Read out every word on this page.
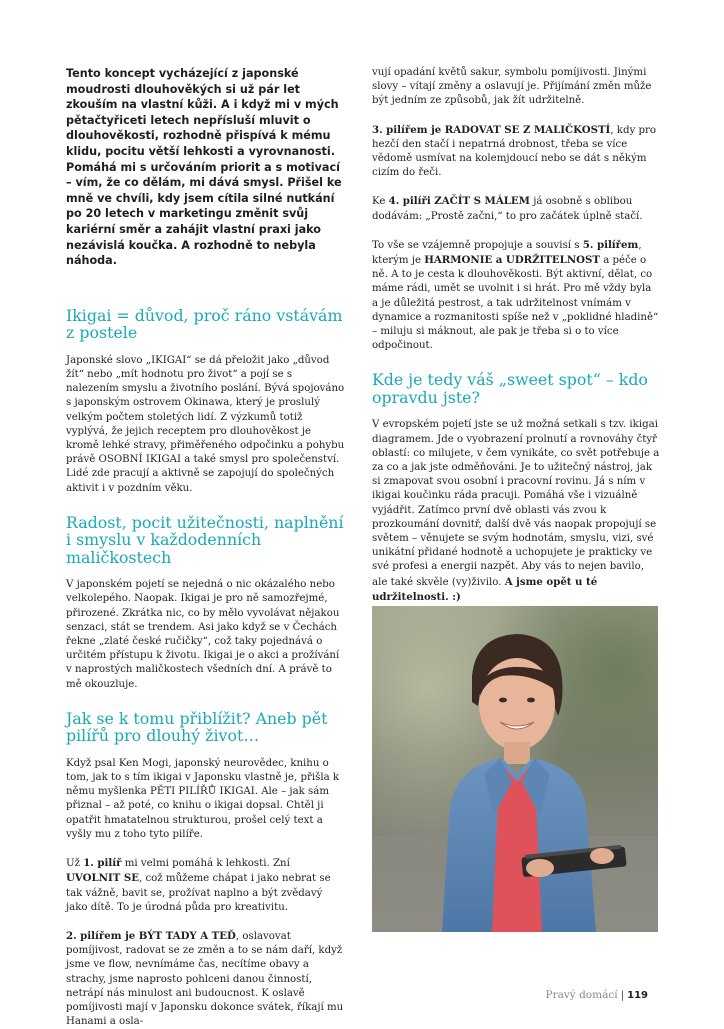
Tento koncept vycházející z japonské moudrosti dlouhověkých si už pár let zkouším na vlastní kůži. A i když mi v mých pětačtyřiceti letech nepřísluší mluvit o dlouhověkosti, rozhodně přispívá k mému klidu, pocitu větší lehkosti a vyrovnanosti. Pomáhá mi s určováním priorit a s motivací – vím, že co dělám, mi dává smysl. Přišel ke mně ve chvíli, kdy jsem cítila silné nutkání po 20 letech v marketingu změnit svůj kariérní směr a zahájit vlastní praxi jako nezávislá koučka. A rozhodně to nebyla náhoda.

Ikigai = důvod, proč ráno vstávám z postele

Japonské slovo „IKIGAI“ se dá přeložit jako „důvod žít“ nebo „mít hodnotu pro život“ a pojí se s nalezením smyslu a životního poslání. Bývá spojováno s japonským ostrovem Okinawa, který je proslulý velkým počtem stoletých lidí. Z výzkumů totiž vyplývá, že jejich receptem pro dlouhověkost je kromě lehké stravy, přiměřeného odpočinku a pohybu právě OSOBNÍ IKIGAI a také smysl pro společenství. Lidé zde pracují a aktivně se zapojují do společných aktivit i v pozdním věku.

Radost, pocit užitečnosti, naplnění i smyslu v každodenních maličkostech

V japonském pojetí se nejedná o nic okázalého nebo velkolepého. Naopak. Ikigai je pro ně samozřejmé, přirozené. Zkrátka nic, co by mělo vyvolávat nějakou senzaci, stát se trendem. Asi jako když se v Čechách řekne „zlaté české ručičky“, což taky pojednává o určitém přístupu k životu. Ikigai je o akci a prožívání v naprostých maličkostech všedních dní. A právě to mě okouzluje.

Jak se k tomu přiblížit? Aneb pět pilířů pro dlouhý život…

Když psal Ken Mogi, japonský neurovědec, knihu o tom, jak to s tím ikigai v Japonsku vlastně je, přišla k němu myšlenka PĚTI PILÍŘŮ IKIGAI. Ale – jak sám přiznal – až poté, co knihu o ikigai dopsal. Chtěl ji opatřit hmatatelnou strukturou, prošel celý text a vyšly mu z toho tyto pilíře.

Už 1. pilíř mi velmi pomáhá k lehkosti. Zní UVOLNIT SE, což můžeme chápat i jako nebrat se tak vážně, bavit se, prožívat naplno a být zvědavý jako dítě. To je úrodná půda pro kreativitu.

2. pilířem je BÝT TADY A TEĎ, oslavovat pomíjivost, radovat se ze změn a to se nám daří, když jsme ve flow, nevnímáme čas, necítíme obavy a strachy, jsme naprosto pohlceni danou činností, netrápí nás minulost ani budoucnost. K oslavě pomíjivosti mají v Japonsku dokonce svátek, říkají mu Hanami a osla-

vují opadání květů sakur, symbolu pomíjivosti. Jinými slovy – vítají změny a oslavují je. Přijímání změn může být jedním ze způsobů, jak žít udržitelně.

3. pilířem je RADOVAT SE Z MALIČKOSTÍ, kdy pro hezčí den stačí i nepatrná drobnost, třeba se více vědomě usmívat na kolemjdoucí nebo se dát s někým cizím do řeči.

Ke 4. pilíři ZAČÍT S MÁLEM já osobně s oblibou dodávám: „Prostě začni,“ to pro začátek úplně stačí.

To vše se vzájemně propojuje a souvisí s 5. pilířem, kterým je HARMONIE a UDRŽITELNOST a péče o ně. A to je cesta k dlouhověkosti. Být aktivní, dělat, co máme rádi, umět se uvolnit i si hrát. Pro mě vždy byla a je důležitá pestrost, a tak udržitelnost vnímám v dynamice a rozmanitosti spíše než v „poklidné hladině“ – miluju si máknout, ale pak je třeba si o to více odpočinout.

Kde je tedy váš „sweet spot“ – kdo opravdu jste?

V evropském pojetí jste se už možná setkali s tzv. ikigai diagramem. Jde o vyobrazení prolnutí a rovnováhy čtyř oblastí: co milujete, v čem vynikáte, co svět potřebuje a za co a jak jste odměňováni. Je to užitečný nástroj, jak si zmapovat svou osobní i pracovní rovinu. Já s ním v ikigai koučinku ráda pracuji. Pomáhá vše i vizuálně vyjádřit. Zatímco první dvě oblasti vás zvou k prozkoumání dovnitř, další dvě vás naopak propojují se světem – věnujete se svým hodnotám, smyslu, vizi, své unikátní přidané hodnotě a uchopujete je prakticky ve své profesi a energii nazpět. Aby vás to nejen bavilo, ale také skvěle (vy)živilo. A jsme opět u té udržitelnosti. :)

Pravý domácí | 119
